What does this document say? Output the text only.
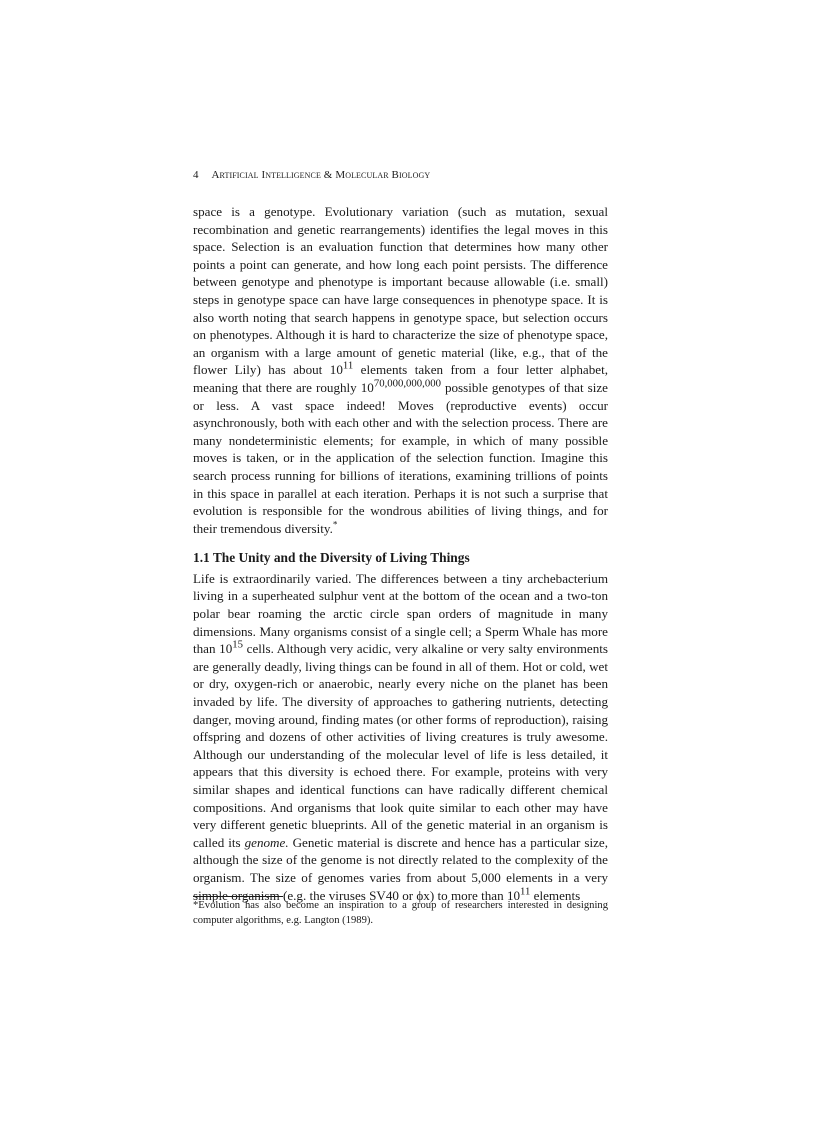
4 Artificial Intelligence & Molecular Biology

space is a genotype. Evolutionary variation (such as mutation, sexual recombination and genetic rearrangements) identifies the legal moves in this space. Selection is an evaluation function that determines how many other points a point can generate, and how long each point persists. The difference between genotype and phenotype is important because allowable (i.e. small) steps in genotype space can have large consequences in phenotype space. It is also worth noting that search happens in genotype space, but selection occurs on phenotypes. Although it is hard to characterize the size of phenotype space, an organism with a large amount of genetic material (like, e.g., that of the flower Lily) has about $10^{11}$ elements taken from a four letter alphabet, meaning that there are roughly 10$^{70,000,000,000}$ possible genotypes of that size or less. A vast space indeed! Moves (reproductive events) occur asynchronously, both with each other and with the selection process. There are many nondeterministic elements; for example, in which of many possible moves is taken, or in the application of the selection function. Imagine this search process running for billions of iterations, examining trillions of points in this space in parallel at each iteration. Perhaps it is not such a surprise that evolution is responsible for the wondrous abilities of living things, and for their tremendous diversity.*

1.1 The Unity and the Diversity of Living Things

Life is extraordinarily varied. The differences between a tiny archebacterium living in a superheated sulphur vent at the bottom of the ocean and a two-ton polar bear roaming the arctic circle span orders of magnitude in many dimensions. Many organisms consist of a single cell; a Sperm Whale has more than $10^{15}$ cells. Although very acidic, very alkaline or very salty environments are generally deadly, living things can be found in all of them. Hot or cold, wet or dry, oxygen-rich or anaerobic, nearly every niche on the planet has been invaded by life. The diversity of approaches to gathering nutrients, detecting danger, moving around, finding mates (or other forms of reproduction), raising offspring and dozens of other activities of living creatures is truly awesome. Although our understanding of the molecular level of life is less detailed, it appears that this diversity is echoed there. For example, proteins with very similar shapes and identical functions can have radically different chemical compositions. And organisms that look quite similar to each other may have very different genetic blueprints. All of the genetic material in an organism is called its genome. Genetic material is discrete and hence has a particular size, although the size of the genome is not directly related to the complexity of the organism. The size of genomes varies from about 5,000 elements in a very simple organism (e.g. the viruses SV40 or ϕx) to more than $10^{11}$ elements

*Evolution has also become an inspiration to a group of researchers interested in designing computer algorithms, e.g. Langton (1989).
